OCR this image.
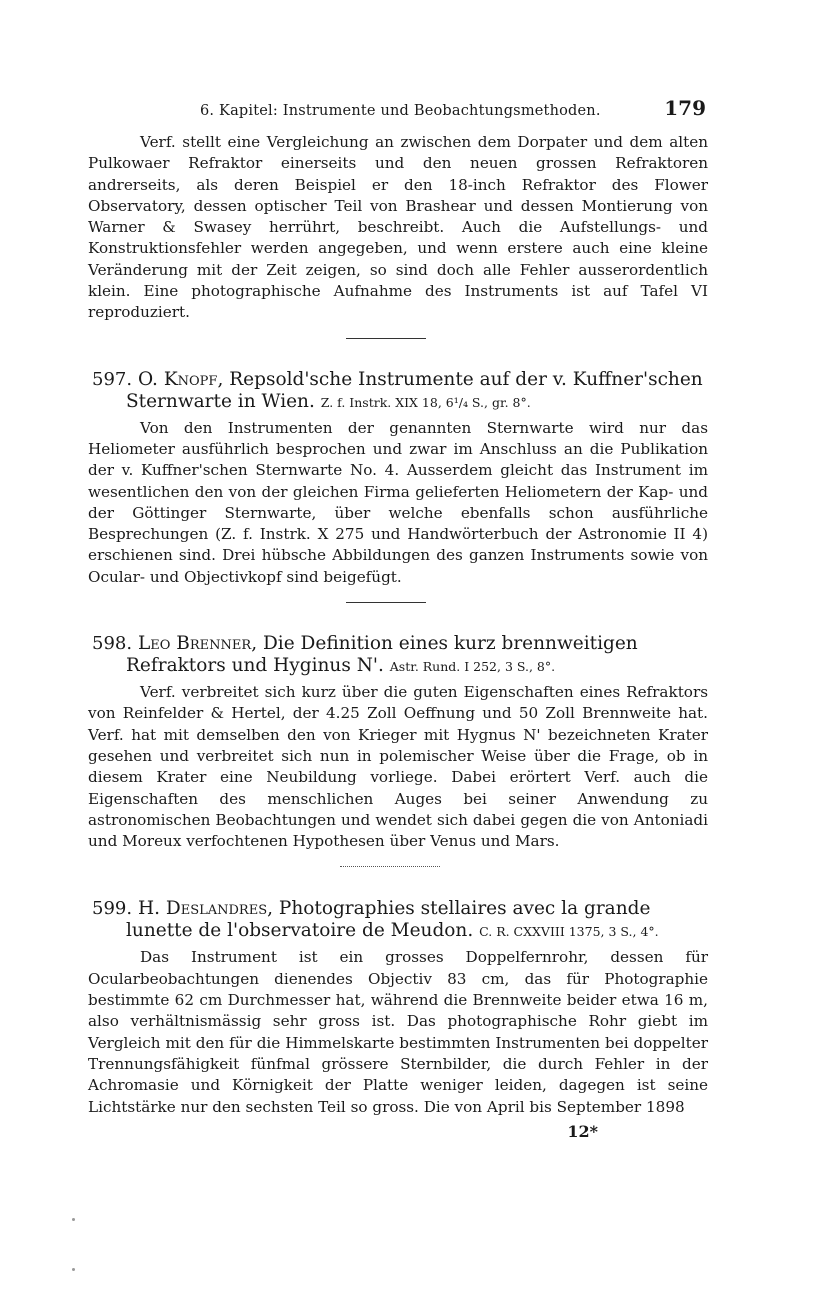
6. Kapitel: Instrumente und Beobachtungsmethoden.	179

Verf. stellt eine Vergleichung an zwischen dem Dorpater und dem alten Pulkowaer Refraktor einerseits und den neuen grossen Refraktoren andrerseits, als deren Beispiel er den 18-inch Refraktor des Flower Observatory, dessen optischer Teil von Brashear und dessen Montierung von Warner & Swasey herrührt, beschreibt. Auch die Aufstellungs- und Konstruktionsfehler werden angegeben, und wenn erstere auch eine kleine Veränderung mit der Zeit zeigen, so sind doch alle Fehler ausserordentlich klein. Eine photographische Aufnahme des Instruments ist auf Tafel VI reproduziert.

597. O. Knopf, Repsold'sche Instrumente auf der v. Kuffner'schen Sternwarte in Wien. Z. f. Instrk. XIX 18, 6¹/₄ S., gr. 8°.

Von den Instrumenten der genannten Sternwarte wird nur das Heliometer ausführlich besprochen und zwar im Anschluss an die Publikation der v. Kuffner'schen Sternwarte No. 4. Ausserdem gleicht das Instrument im wesentlichen den von der gleichen Firma gelieferten Heliometern der Kap- und der Göttinger Sternwarte, über welche ebenfalls schon ausführliche Besprechungen (Z. f. Instrk. X 275 und Handwörterbuch der Astronomie II 4) erschienen sind. Drei hübsche Abbildungen des ganzen Instruments sowie von Ocular- und Objectivkopf sind beigefügt.

598. Leo Brenner, Die Definition eines kurz brennweitigen Refraktors und Hyginus N'. Astr. Rund. I 252, 3 S., 8°.

Verf. verbreitet sich kurz über die guten Eigenschaften eines Refraktors von Reinfelder & Hertel, der 4.25 Zoll Oeffnung und 50 Zoll Brennweite hat. Verf. hat mit demselben den von Krieger mit Hygnus N' bezeichneten Krater gesehen und verbreitet sich nun in polemischer Weise über die Frage, ob in diesem Krater eine Neubildung vorliege. Dabei erörtert Verf. auch die Eigenschaften des menschlichen Auges bei seiner Anwendung zu astronomischen Beobachtungen und wendet sich dabei gegen die von Antoniadi und Moreux verfochtenen Hypothesen über Venus und Mars.

599. H. Deslandres, Photographies stellaires avec la grande lunette de l'observatoire de Meudon. C. R. CXXVIII 1375, 3 S., 4°.

Das Instrument ist ein grosses Doppelfernrohr, dessen für Ocularbeobachtungen dienendes Objectiv 83 cm, das für Photographie bestimmte 62 cm Durchmesser hat, während die Brennweite beider etwa 16 m, also verhältnismässig sehr gross ist. Das photographische Rohr giebt im Vergleich mit den für die Himmelskarte bestimmten Instrumenten bei doppelter Trennungsfähigkeit fünfmal grössere Sternbilder, die durch Fehler in der Achromasie und Körnigkeit der Platte weniger leiden, dagegen ist seine Lichtstärke nur den sechsten Teil so gross. Die von April bis September 1898

12*
